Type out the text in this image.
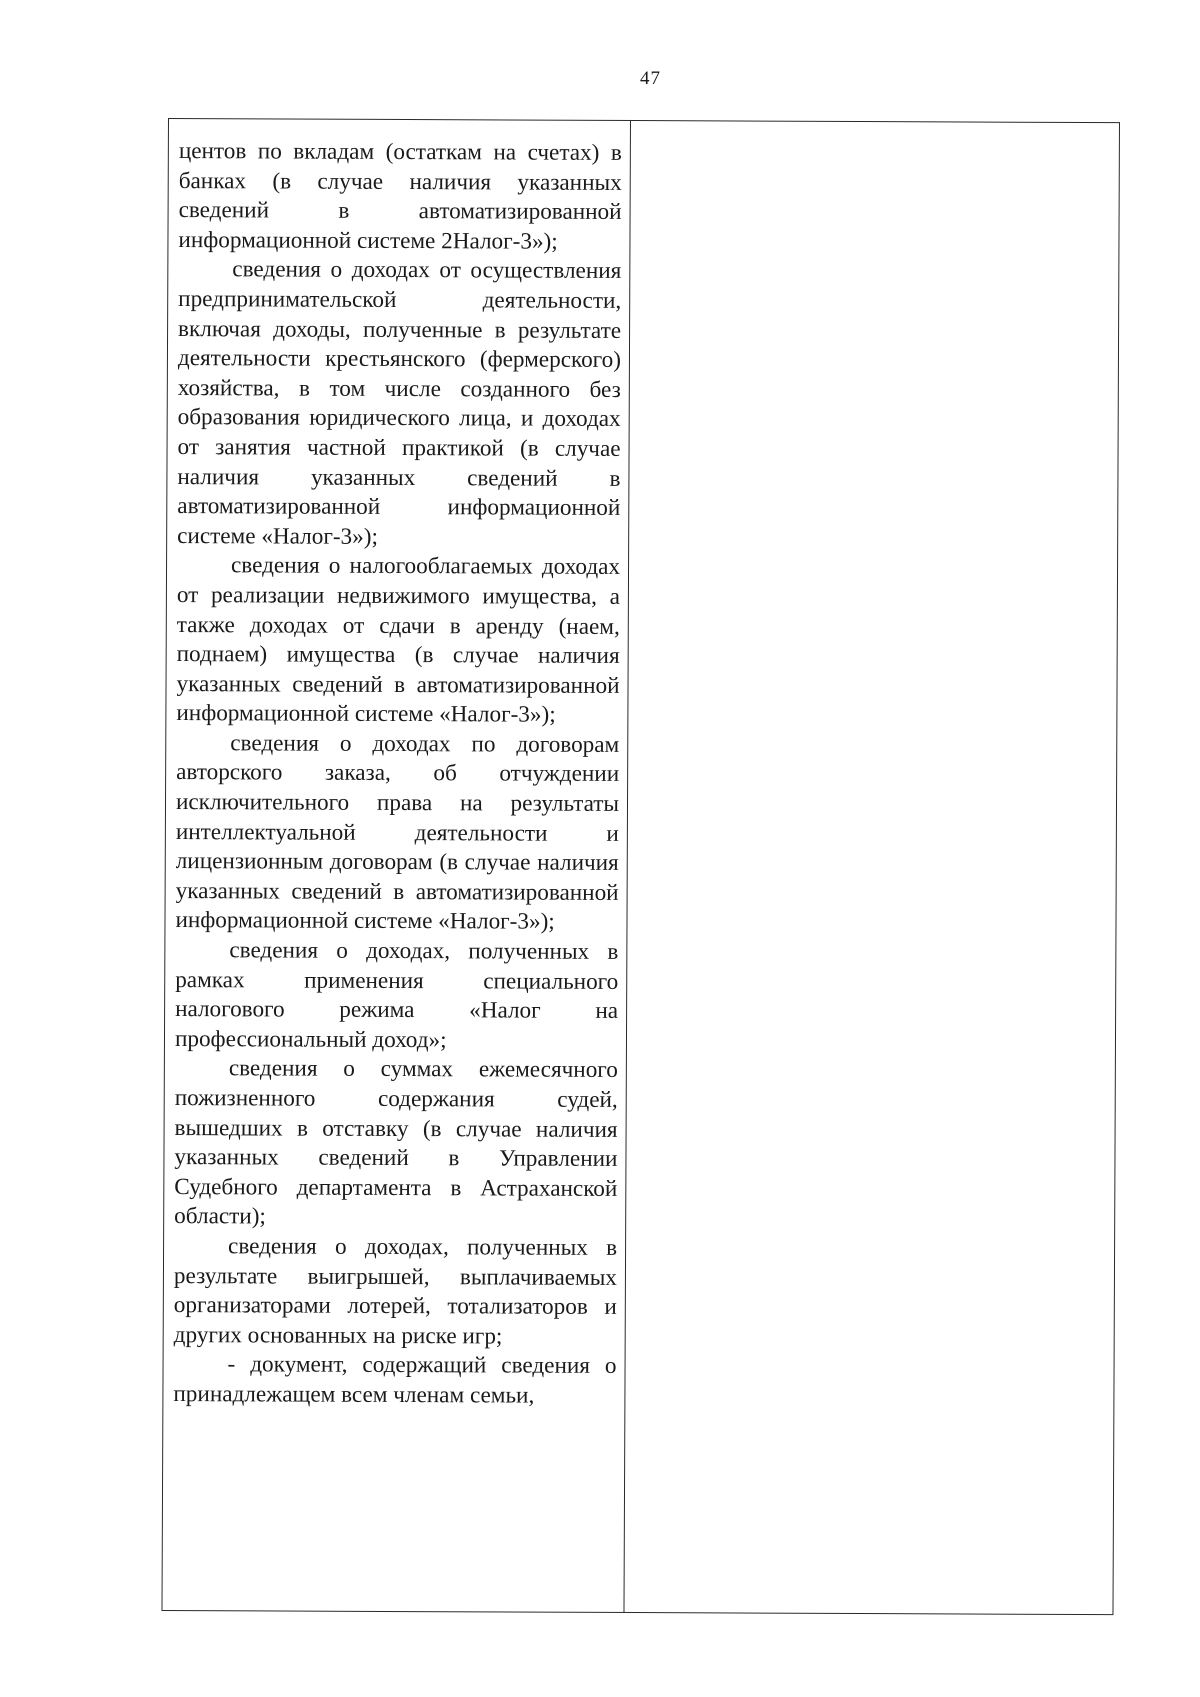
47

центов по вкладам (остаткам на счетах) в банках (в случае наличия указанных сведений в автоматизированной информационной системе 2Налог-3»);

сведения о доходах от осуществления предпринимательской деятельности, включая доходы, полученные в результате деятельности крестьянского (фермерского) хозяйства, в том числе созданного без образования юридического лица, и доходах от занятия частной практикой (в случае наличия указанных сведений в автоматизированной информационной системе «Налог-3»);

сведения о налогооблагаемых доходах от реализации недвижимого имущества, а также доходах от сдачи в аренду (наем, поднаем) имущества (в случае наличия указанных сведений в автоматизированной информационной системе «Налог-3»);

сведения о доходах по договорам авторского заказа, об отчуждении исключительного права на результаты интеллектуальной деятельности и лицензионным договорам (в случае наличия указанных сведений в автоматизированной информационной системе «Налог-3»);

сведения о доходах, полученных в рамках применения специального налогового режима «Налог на профессиональный доход»;

сведения о суммах ежемесячного пожизненного содержания судей, вышедших в отставку (в случае наличия указанных сведений в Управлении Судебного департамента в Астраханской области);

сведения о доходах, полученных в результате выигрышей, выплачиваемых организаторами лотерей, тотализаторов и других основанных на риске игр;

- документ, содержащий сведения о принадлежащем всем членам семьи,
